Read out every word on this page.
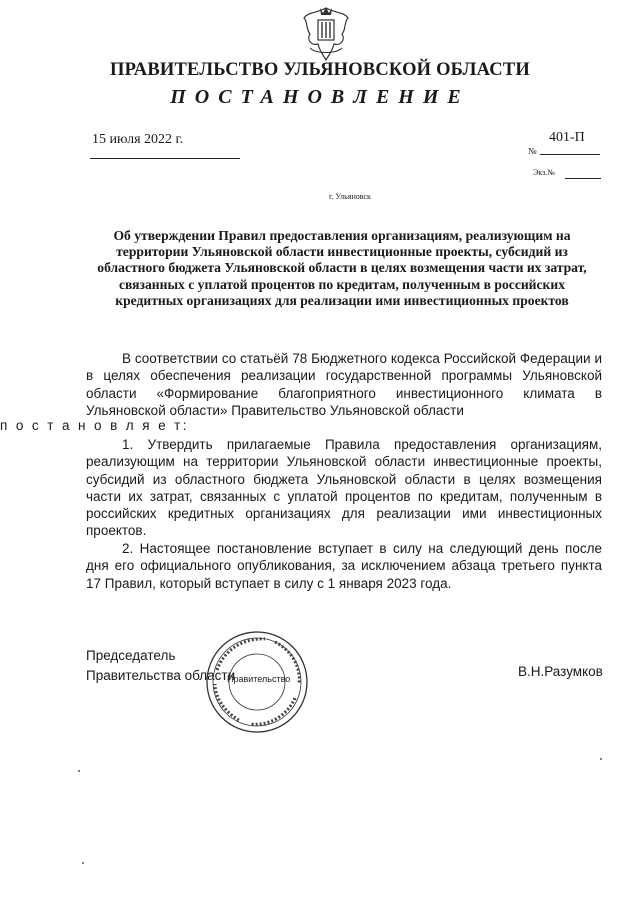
ПРАВИТЕЛЬСТВО УЛЬЯНОВСКОЙ ОБЛАСТИ
ПОСТАНОВЛЕНИЕ
15 июля 2022 г.	401-П
№
Экз.№
г. Ульяновск
Об утверждении Правил предоставления организациям, реализующим на территории Ульяновской области инвестиционные проекты, субсидий из областного бюджета Ульяновской области в целях возмещения части их затрат, связанных с уплатой процентов по кредитам, полученным в российских кредитных организациях для реализации ими инвестиционных проектов
В соответствии со статьёй 78 Бюджетного кодекса Российской Федерации и в целях обеспечения реализации государственной программы Ульяновской области «Формирование благоприятного инвестиционного климата в Ульяновской области» Правительство Ульяновской области
п о с т а н о в л я е т:
1. Утвердить прилагаемые Правила предоставления организациям, реализующим на территории Ульяновской области инвестиционные проекты, субсидий из областного бюджета Ульяновской области в целях возмещения части их затрат, связанных с уплатой процентов по кредитам, полученным в российских кредитных организациях для реализации ими инвестиционных проектов.
2. Настоящее постановление вступает в силу на следующий день после дня его официального опубликования, за исключением абзаца третьего пункта 17 Правил, который вступает в силу с 1 января 2023 года.
Председатель
Правительства области
Правительство	В.Н.Разумков
